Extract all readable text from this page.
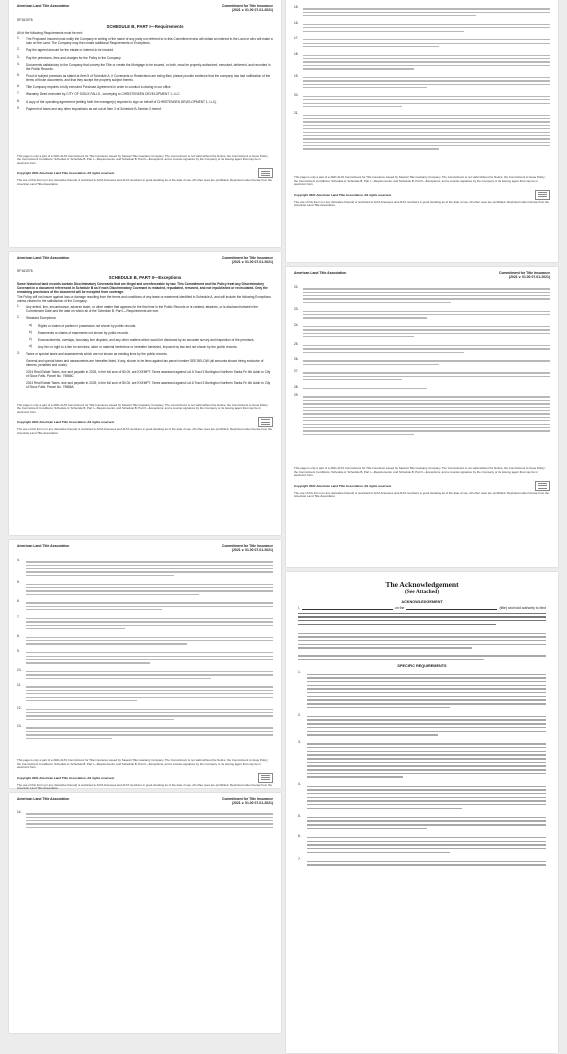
American Land Title Association	Commitment for Title Insurance
(2021 v. 01.00 07-01-2021)
SF161976
SCHEDULE B, PART I—Requirements
All of the following Requirements must be met:
1.	The Proposed Insured must notify the Company in writing of the name of any party not referred to in this Commitment who will obtain an interest in the Land or who will make a loan on the Land. The Company may then make additional Requirements or Exceptions.
2.	Pay the agreed amount for the estate or interest to be insured.
3.	Pay the premiums, fees and charges for the Policy to the Company.
4.	Documents satisfactory to the Company that convey the Title or create the Mortgage to be insured, or both, must be properly authorized, executed, delivered, and recorded in the Public Records.
5.	Proof of subject premises as stated at Item 5 of Schedule A. If Covenants or Restrictions are being filed, please provide evidence that the company has had notification of the terms of those documents, and that they accept the property subject thereto.
6.	Title Company requires a fully executed Purchase Agreement in order to conduct a closing in our office.
7.	Warranty Deed executed by CITY OF SIOUX FALLS , conveying to CHRISTENSEN DEVELOPMENT 1, LLC.
8.	A copy of the operating agreement (setting forth the manager(s) required to sign on behalf of CHRISTENSEN DEVELOPMENT 1, LLC).
9.	Payment of taxes and any other impositions as set out at Item 3 of Schedule B-Section II hereof.
This page is only a part of a 2021 ALTA Commitment for Title Insurance issued by Stewart Title Guaranty Company. The Commitment is not valid without the Notice; the Commitment to Issue Policy; the Commitment Conditions; Schedule A; Schedule B, Part I—Requirements; and Schedule B, Part II—Exceptions; and a counter-signature by the Company or its issuing agent that may be in electronic form.
Copyright 2021 American Land Title Association. All rights reserved.
The use of this Form (or any derivative thereof) is restricted to ALTA licensees and ALTA members in good standing as of the date of use. All other uses are prohibited. Reprinted under license from the American Land Title Association.
American Land Title Association	Commitment for Title Insurance
(2021 v. 01.00 07-01-2021)
SF161976
SCHEDULE B, PART II—Exceptions
Some historical land records contain Discriminatory Covenants that are illegal and unenforceable by law. This Commitment and the Policy treat any Discriminatory Covenant in a document referenced in Schedule B as if each Discriminatory Covenant is redacted, repudiated, removed, and not republished or recirculated. Only the remaining provisions of the document will be excepted from coverage.
The Policy will not insure against loss or damage resulting from the terms and conditions of any lease or easement identified in Schedule A, and will include the following Exceptions unless cleared to the satisfaction of the Company:
1.	Any defect, lien, encumbrance, adverse claim, or other matter that appears for the first time in the Public Records or is created, attaches, or is disclosed between the Commitment Date and the date on which all of the Schedule B, Part I—Requirements are met.
2.	Standard Exceptions:
a)	Rights or claims of parties in possession not shown by public records.
b)	Easements or claims of easements not shown by public records.
c)	Encroachments, overlaps, boundary line disputes, and any other matters which would be disclosed by an accurate survey and inspection of the premises.
d)	Any lien or right to a lien for services, labor or material heretofore or hereafter furnished, imposed by law and not shown by the public records.
3.	Taxes or special taxes and assessments which are not shown as existing liens by the public records.
General and special taxes and assessments are hereafter listed, if any, shown to be liens against tax parcel number SEE BELOW (all amounts shown being exclusive of interest, penalties and costs):
2024 Real Estate Taxes, due and payable in 2025, in the full sum of $0.00, are EXEMPT. Taxes assessed against Lot A Tract 3 Burlington Northern Santa-Fe 4th Addn to City of Sioux Falls. Parcel No. 79886C
2024 Real Estate Taxes, due and payable in 2025, in the full sum of $0.00, are EXEMPT. Taxes assessed against Lot A Tract 3 Burlington Northern Santa-Fe 4th Addn to City of Sioux Falls. Parcel No. 79886A
This page is only a part of a 2021 ALTA Commitment for Title Insurance issued by Stewart Title Guaranty Company. The Commitment is not valid without the Notice; the Commitment to Issue Policy; the Commitment Conditions; Schedule A; Schedule B, Part I—Requirements; and Schedule B, Part II—Exceptions; and a counter-signature by the Company or its issuing agent that may be in electronic form.
Copyright 2021 American Land Title Association. All rights reserved.
The use of this Form (or any derivative thereof) is restricted to ALTA licensees and ALTA members in good standing as of the date of use. All other uses are prohibited. Reprinted under license from the American Land Title Association.
American Land Title Association	Commitment for Title Insurance
(2021 v. 01.00 07-01-2021)
4.
5.
6.
7.
8.
9.
10.
11.
12.
13.
This page is only a part of a 2021 ALTA Commitment for Title Insurance issued by Stewart Title Guaranty Company. The Commitment is not valid without the Notice; the Commitment to Issue Policy; the Commitment Conditions; Schedule A; Schedule B, Part I—Requirements; and Schedule B, Part II—Exceptions; and a counter-signature by the Company or its issuing agent that may be in electronic form.
Copyright 2021 American Land Title Association. All rights reserved.
The use of this Form (or any derivative thereof) is restricted to ALTA licensees and ALTA members in good standing as of the date of use. All other uses are prohibited. Reprinted under license from the American Land Title Association.
American Land Title Association	Commitment for Title Insurance
(2021 v. 01.00 07-01-2021)
14.
15.
16.
17.
18.
19.
20.
21.
This page is only a part of a 2021 ALTA Commitment for Title Insurance issued by Stewart Title Guaranty Company. The Commitment is not valid without the Notice; the Commitment to Issue Policy; the Commitment Conditions; Schedule A; Schedule B, Part I—Requirements; and Schedule B, Part II—Exceptions; and a counter-signature by the Company or its issuing agent that may be in electronic form.
Copyright 2021 American Land Title Association. All rights reserved.
The use of this Form (or any derivative thereof) is restricted to ALTA licensees and ALTA members in good standing as of the date of use. All other uses are prohibited. Reprinted under license from the American Land Title Association.
American Land Title Association	Commitment for Title Insurance
(2021 v. 01.00 07-01-2021)
22.
23.
24.
25.
26.
27.
28.
29.
This page is only a part of a 2021 ALTA Commitment for Title Insurance issued by Stewart Title Guaranty Company. The Commitment is not valid without the Notice; the Commitment to Issue Policy; the Commitment Conditions; Schedule A; Schedule B, Part I—Requirements; and Schedule B, Part II—Exceptions; and a counter-signature by the Company or its issuing agent that may be in electronic form.
Copyright 2021 American Land Title Association. All rights reserved.
The use of this Form (or any derivative thereof) is restricted to ALTA licensees and ALTA members in good standing as of the date of use. All other uses are prohibited. Reprinted under license from the American Land Title Association.
The Acknowledgement
(See Attached)
ACKNOWLEDGEMENT
I,	on the	(title) and hold authority to bind
SPECIFIC REQUIREMENTS
1.
2.
3.
4.
5.
6.
7.
